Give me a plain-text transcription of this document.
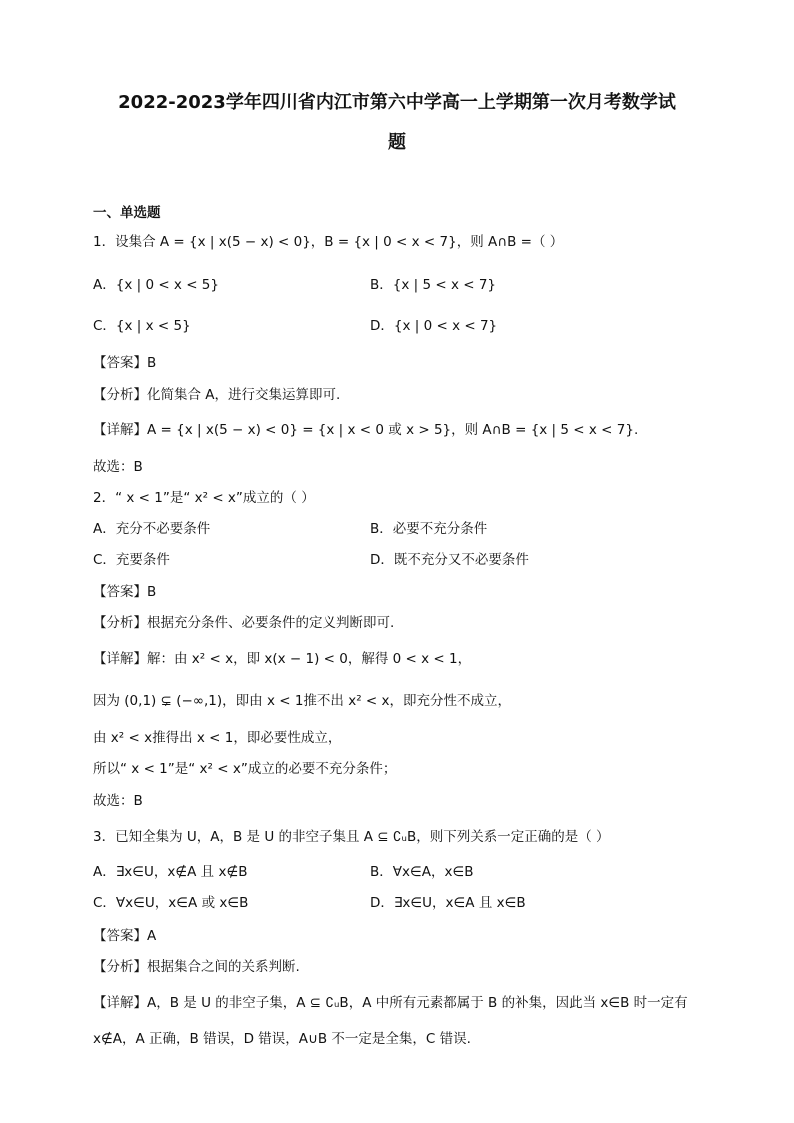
2022-2023学年四川省内江市第六中学高一上学期第一次月考数学试
题
一、单选题
1．设集合 A = {x | x(5 − x) < 0}，B = {x | 0 < x < 7}，则 A∩B =（ ）
A．{x | 0 < x < 5}	B．{x | 5 < x < 7}
C．{x | x < 5}	D．{x | 0 < x < 7}
【答案】B
【分析】化简集合 A，进行交集运算即可.
【详解】A = {x | x(5 − x) < 0} = {x | x < 0 或 x > 5}，则 A∩B = {x | 5 < x < 7}.
故选：B
2．“ x < 1”是“ x² < x”成立的（ ）
A．充分不必要条件	B．必要不充分条件
C．充要条件	D．既不充分又不必要条件
【答案】B
【分析】根据充分条件、必要条件的定义判断即可.
【详解】解：由 x² < x，即 x(x − 1) < 0，解得 0 < x < 1，
因为 (0,1) ⊊ (−∞,1)，即由 x < 1推不出 x² < x，即充分性不成立，
由 x² < x推得出 x < 1，即必要性成立，
所以“ x < 1”是“ x² < x”成立的必要不充分条件；
故选：B
3．已知全集为 U，A，B 是 U 的非空子集且 A ⊆ ∁ᵤB，则下列关系一定正确的是（ ）
A．∃x∈U，x∉A 且 x∉B	B．∀x∈A，x∈B
C．∀x∈U，x∈A 或 x∈B	D．∃x∈U，x∈A 且 x∈B
【答案】A
【分析】根据集合之间的关系判断.
【详解】A，B 是 U 的非空子集，A ⊆ ∁ᵤB，A 中所有元素都属于 B 的补集，因此当 x∈B 时一定有
x∉A，A 正确，B 错误，D 错误，A∪B 不一定是全集，C 错误.
